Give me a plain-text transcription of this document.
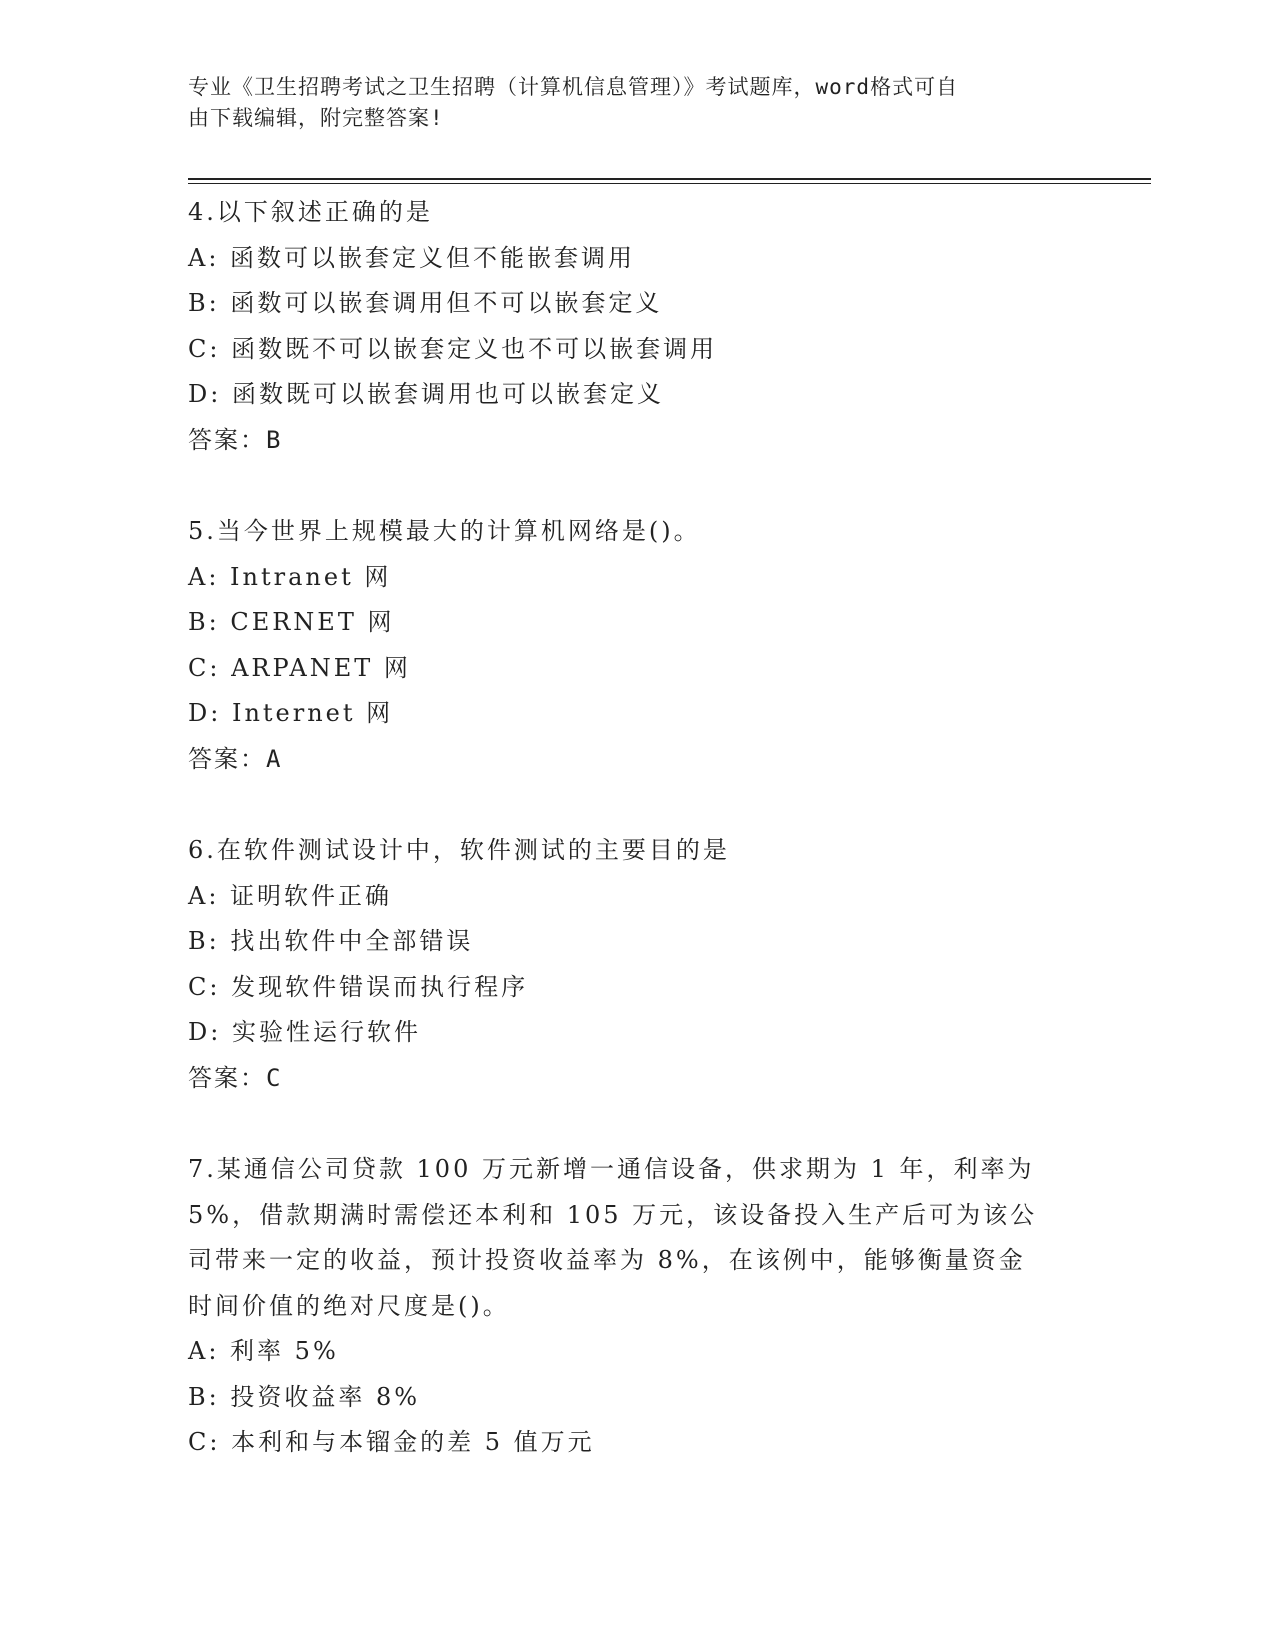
专业《卫生招聘考试之卫生招聘（计算机信息管理）》考试题库，word格式可自
由下载编辑，附完整答案!
4.以下叙述正确的是
A: 函数可以嵌套定义但不能嵌套调用
B: 函数可以嵌套调用但不可以嵌套定义
C: 函数既不可以嵌套定义也不可以嵌套调用
D: 函数既可以嵌套调用也可以嵌套定义
答案：B
5.当今世界上规模最大的计算机网络是()。
A: Intranet 网
B: CERNET 网
C: ARPANET 网
D: Internet 网
答案：A
6.在软件测试设计中，软件测试的主要目的是
A: 证明软件正确
B: 找出软件中全部错误
C: 发现软件错误而执行程序
D: 实验性运行软件
答案：C
7.某通信公司贷款 100 万元新增一通信设备，供求期为 1 年，利率为
5%，借款期满时需偿还本利和 105 万元，该设备投入生产后可为该公
司带来一定的收益，预计投资收益率为 8%，在该例中，能够衡量资金
时间价值的绝对尺度是()。
A: 利率 5%
B: 投资收益率 8%
C: 本利和与本镏金的差 5 值万元
